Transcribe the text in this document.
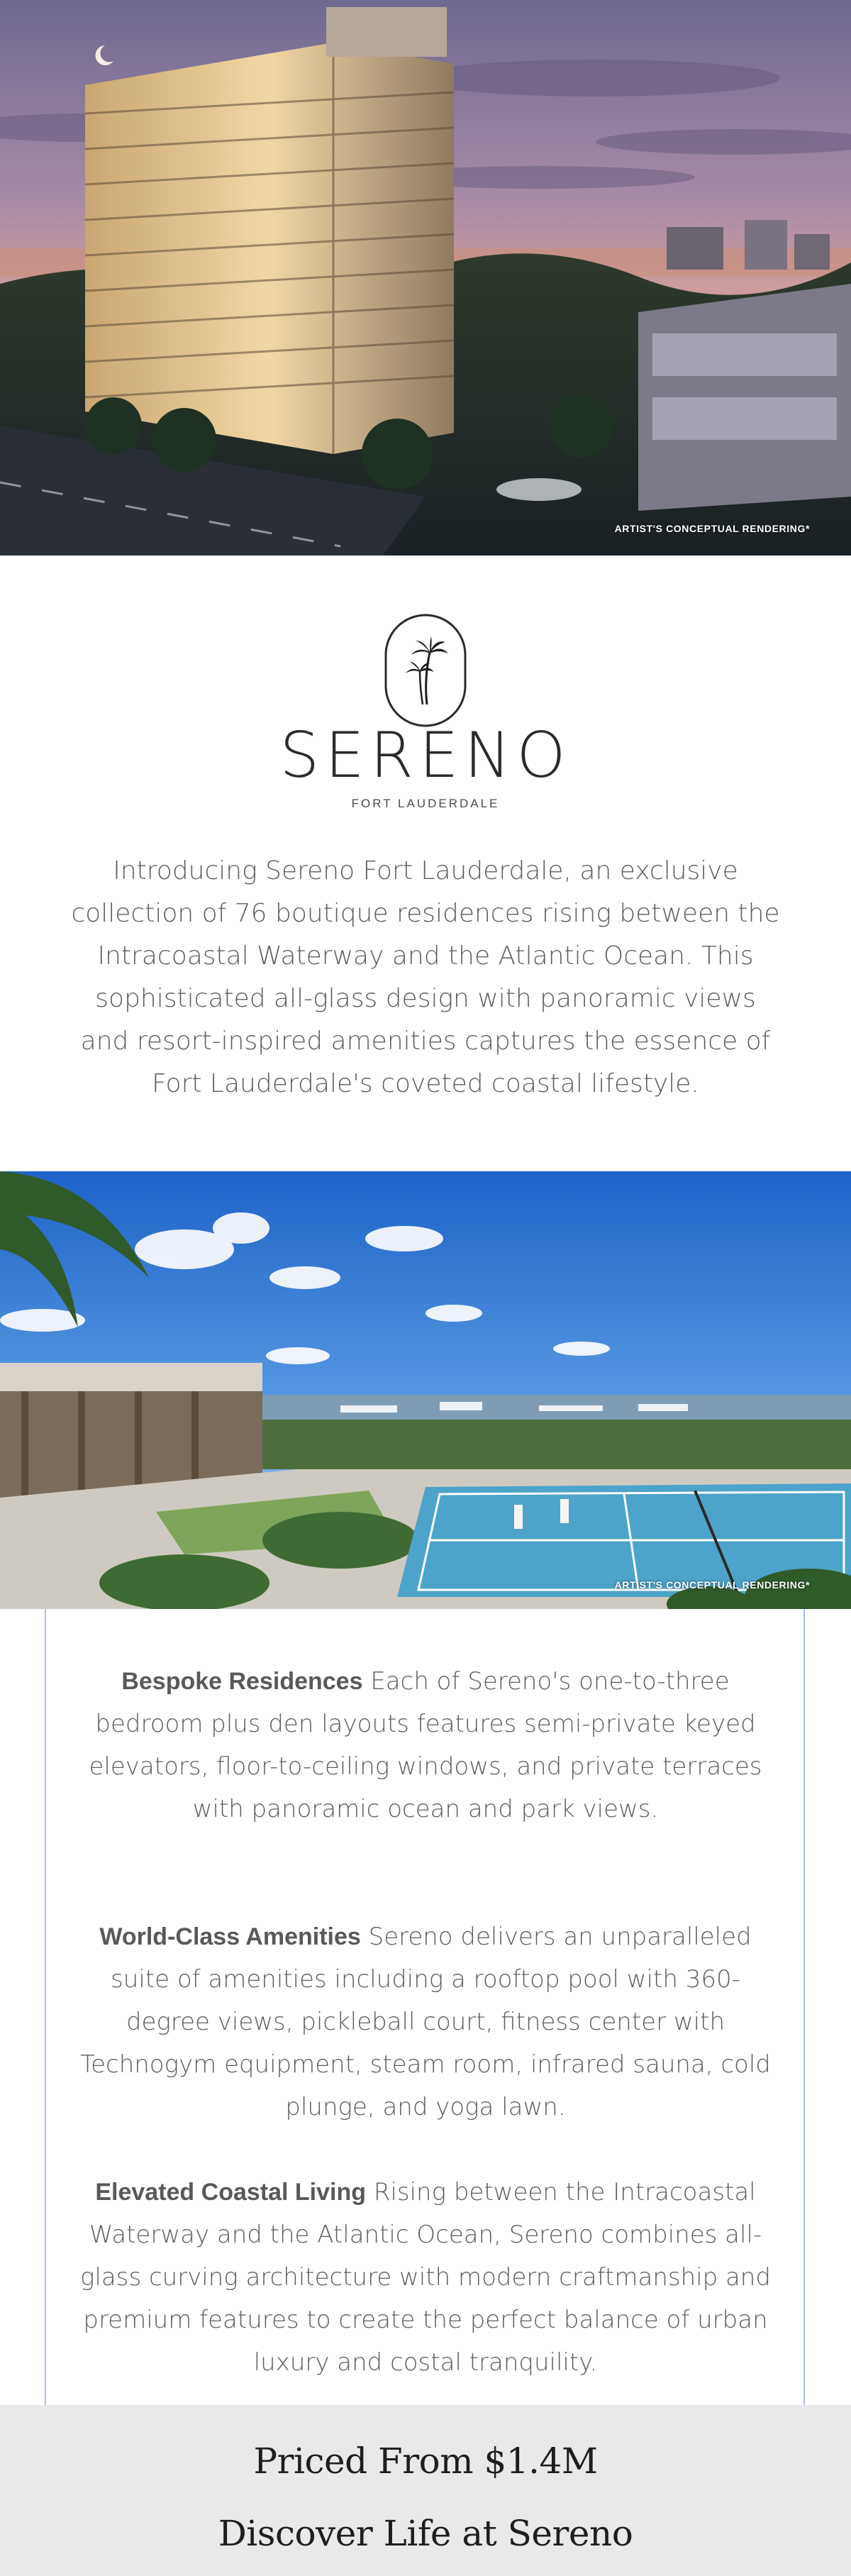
ARTIST'S CONCEPTUAL RENDERING*
SERENO
FORT LAUDERDALE

Introducing Sereno Fort Lauderdale, an exclusive collection of 76 boutique residences rising between the Intracoastal Waterway and the Atlantic Ocean. This sophisticated all-glass design with panoramic views and resort-inspired amenities captures the essence of Fort Lauderdale's coveted coastal lifestyle.

ARTIST'S CONCEPTUAL RENDERING*

Bespoke Residences Each of Sereno's one-to-three bedroom plus den layouts features semi-private keyed elevators, floor-to-ceiling windows, and private terraces with panoramic ocean and park views.

World-Class Amenities Sereno delivers an unparalleled suite of amenities including a rooftop pool with 360-degree views, pickleball court, fitness center with Technogym equipment, steam room, infrared sauna, cold plunge, and yoga lawn.

Elevated Coastal Living Rising between the Intracoastal Waterway and the Atlantic Ocean, Sereno combines all-glass curving architecture with modern craftmanship and premium features to create the perfect balance of urban luxury and costal tranquility.

Priced From $1.4M
Discover Life at Sereno
